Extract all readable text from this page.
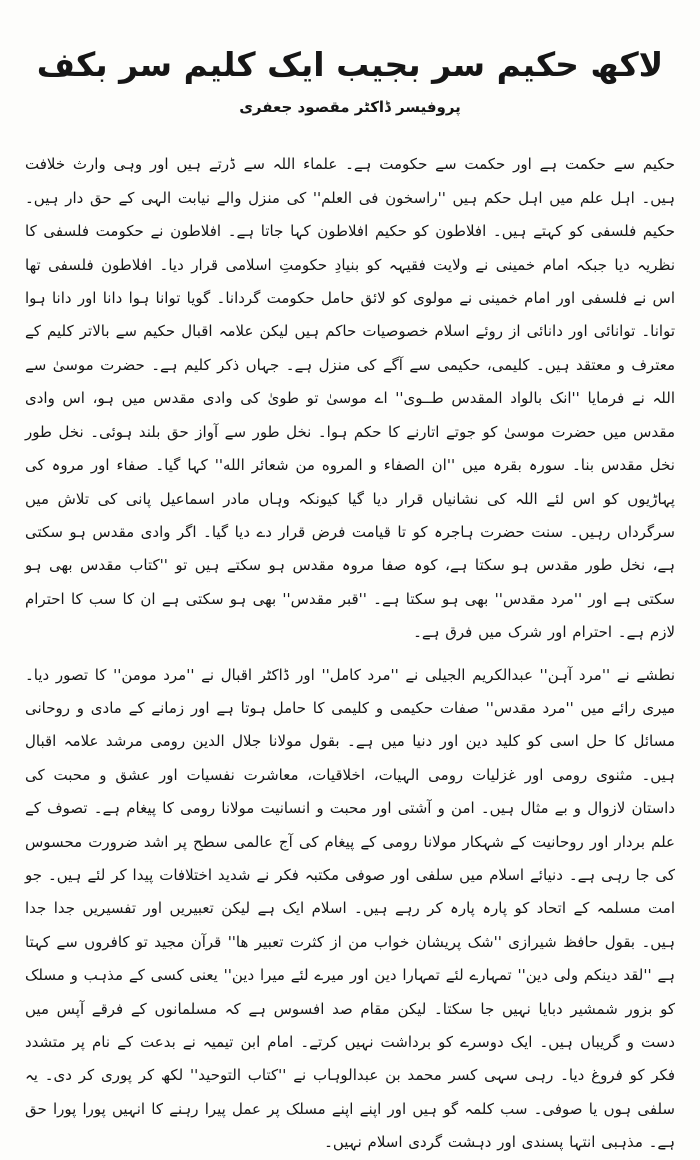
لاکھ حکیم سر بجیب ایک کلیم سر بکف
پروفیسر ڈاکٹر مقصود جعفری

حکیم سے حکمت ہے اور حکمت سے حکومت ہے۔ علماء اللہ سے ڈرتے ہیں اور وہی وارث خلافت ہیں۔ اہل علم میں اہل حکم ہیں ''راسخون فی العلم'' کی منزل والے نیابت الہی کے حق دار ہیں۔ حکیم فلسفی کو کہتے ہیں۔ افلاطون کو حکیم افلاطون کہا جاتا ہے۔ افلاطون نے حکومت فلسفی کا نظریہ دیا جبکہ امام خمینی نے ولایت فقیہہ کو بنیادِ حکومتِ اسلامی قرار دیا۔ افلاطون فلسفی تھا اس نے فلسفی اور امام خمینی نے مولوی کو لائق حامل حکومت گردانا۔ گویا توانا ہوا دانا اور دانا ہوا توانا۔ توانائی اور دانائی از روئے اسلام خصوصیات حاکم ہیں لیکن علامہ اقبال حکیم سے بالاتر کلیم کے معترف و معتقد ہیں۔ کلیمی، حکیمی سے آگے کی منزل ہے۔ جہاں ذکر کلیم ہے۔ حضرت موسیٰ سے اللہ نے فرمایا ''انک بالواد المقدس طــوی'' اے موسیٰ تو طویٰ کی وادی مقدس میں ہو، اس وادی مقدس میں حضرت موسیٰ کو جوتے اتارنے کا حکم ہوا۔ نخل طور سے آواز حق بلند ہوئی۔ نخل طور نخل مقدس بنا۔ سورہ بقرہ میں ''ان الصفاء و المروه من شعائر الله'' کہا گیا۔ صفاء اور مروہ کی پہاڑیوں کو اس لئے اللہ کی نشانیاں قرار دیا گیا کیونکہ وہاں مادر اسماعیل پانی کی تلاش میں سرگرداں رہیں۔ سنت حضرت ہاجرہ کو تا قیامت فرض قرار دے دیا گیا۔ اگر وادی مقدس ہو سکتی ہے، نخل طور مقدس ہو سکتا ہے، کوہ صفا مروہ مقدس ہو سکتے ہیں تو ''کتاب مقدس بھی ہو سکتی ہے اور ''مرد مقدس'' بھی ہو سکتا ہے۔ ''قبر مقدس'' بھی ہو سکتی ہے ان کا سب کا احترام لازم ہے۔ احترام اور شرک میں فرق ہے۔

نطشے نے ''مرد آہن'' عبدالکریم الجیلی نے ''مرد کامل'' اور ڈاکٹر اقبال نے ''مرد مومن'' کا تصور دیا۔ میری رائے میں ''مرد مقدس'' صفات حکیمی و کلیمی کا حامل ہوتا ہے اور زمانے کے مادی و روحانی مسائل کا حل اسی کو کلید دین اور دنیا میں ہے۔ بقول مولانا جلال الدین رومی مرشد علامہ اقبال ہیں۔ مثنوی رومی اور غزلیات رومی الہیات، اخلاقیات، معاشرت نفسیات اور عشق و محبت کی داستان لازوال و بے مثال ہیں۔ امن و آشتی اور محبت و انسانیت مولانا رومی کا پیغام ہے۔ تصوف کے علم بردار اور روحانیت کے شہکار مولانا رومی کے پیغام کی آج عالمی سطح پر اشد ضرورت محسوس کی جا رہی ہے۔ دنیائے اسلام میں سلفی اور صوفی مکتبہ فکر نے شدید اختلافات پیدا کر لئے ہیں۔ جو امت مسلمہ کے اتحاد کو پارہ پارہ کر رہے ہیں۔ اسلام ایک ہے لیکن تعبیریں اور تفسیریں جدا جدا ہیں۔ بقول حافظ شیرازی ''شک پریشان خواب من از کثرت تعبیر ها'' قرآن مجید تو کافروں سے کہتا ہے ''لقد دینکم ولی دین'' تمہارے لئے تمہارا دین اور میرے لئے میرا دین'' یعنی کسی کے مذہب و مسلک کو بزور شمشیر دبایا نہیں جا سکتا۔ لیکن مقام صد افسوس ہے کہ مسلمانوں کے فرقے آپس میں دست و گریباں ہیں۔ ایک دوسرے کو برداشت نہیں کرتے۔ امام ابن تیمیہ نے بدعت کے نام پر متشدد فکر کو فروغ دیا۔ رہی سہی کسر محمد بن عبدالوہاب نے ''کتاب التوحید'' لکھ کر پوری کر دی۔ یہ سلفی ہوں یا صوفی۔ سب کلمہ گو ہیں اور اپنے اپنے مسلک پر عمل پیرا رہنے کا انہیں پورا پورا حق ہے۔ مذہبی انتہا پسندی اور دہشت گردی اسلام نہیں۔
